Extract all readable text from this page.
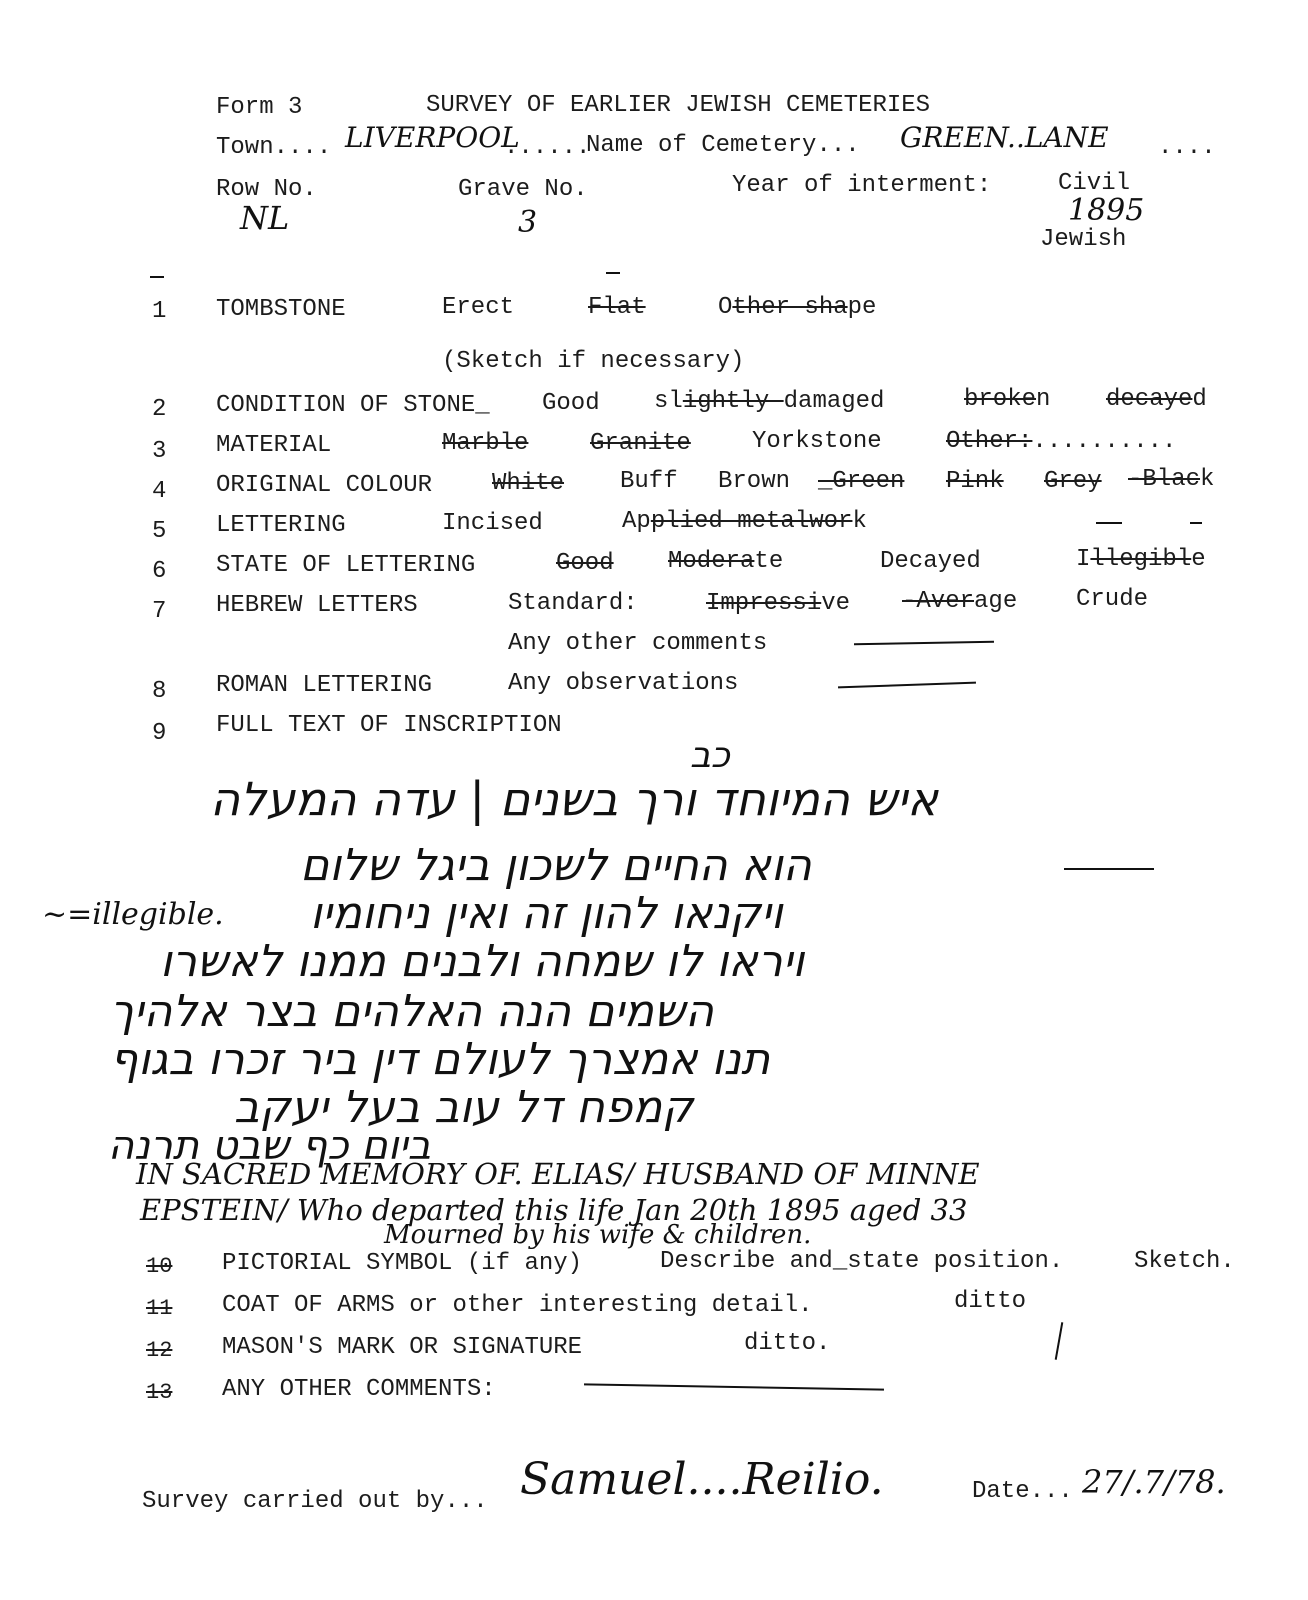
Form 3	SURVEY OF EARLIER JEWISH CEMETERIES
Town.... LIVERPOOL
......
Name of Cemetery... GREEN..LANE ....
Row No.
NL
Grave No.
3
Year of interment:	Civil
1895
Jewish
1 TOMBSTONE	Erect	Flat	Other shape
(Sketch if necessary)
2 CONDITION OF STONE_ Good slightly damaged	broken decayed
3 MATERIAL	Marble	Granite	Yorkstone	Other:..........
4 ORIGINAL COLOUR White Buff Brown _Green Pink Grey -Black
5 LETTERING	Incised	Applied metalwork
6 STATE OF LETTERING	Good Moderate	Decayed	Illegible
7 HEBREW LETTERS	Standard:	Impressive -Average Crude
Any other comments
8 ROMAN LETTERING	Any observations
9 FULL TEXT OF INSCRIPTION
כב
איש המיוחד ורך בשנים | עדה המעלה
הוא החיים לשכון ביגל שלום
~=illegible. ויקנאו להון זה ואין ניחומיו
ויראו לו שמחה ולבנים ממנו לאשרו
השמים הנה האלהים בצר אלהיך
תנו אמצרך לעולם דין ביר זכרו בגוף
קמפח דל עוב בעל יעקב
ביום כף שבט תרנה
IN SACRED MEMORY OF. ELIAS/ HUSBAND OF MINNE
EPSTEIN/ Who departed this life Jan 20th 1895 aged 33
Mourned by his wife & children.
10 PICTORIAL SYMBOL (if any)	Describe and_state position.	Sketch.
11 COAT OF ARMS or other interesting detail.	ditto
12 MASON'S MARK OR SIGNATURE	ditto.
13 ANY OTHER COMMENTS:
Survey carried out by... Samuel....Reilio.	Date... 27/.7/78.
